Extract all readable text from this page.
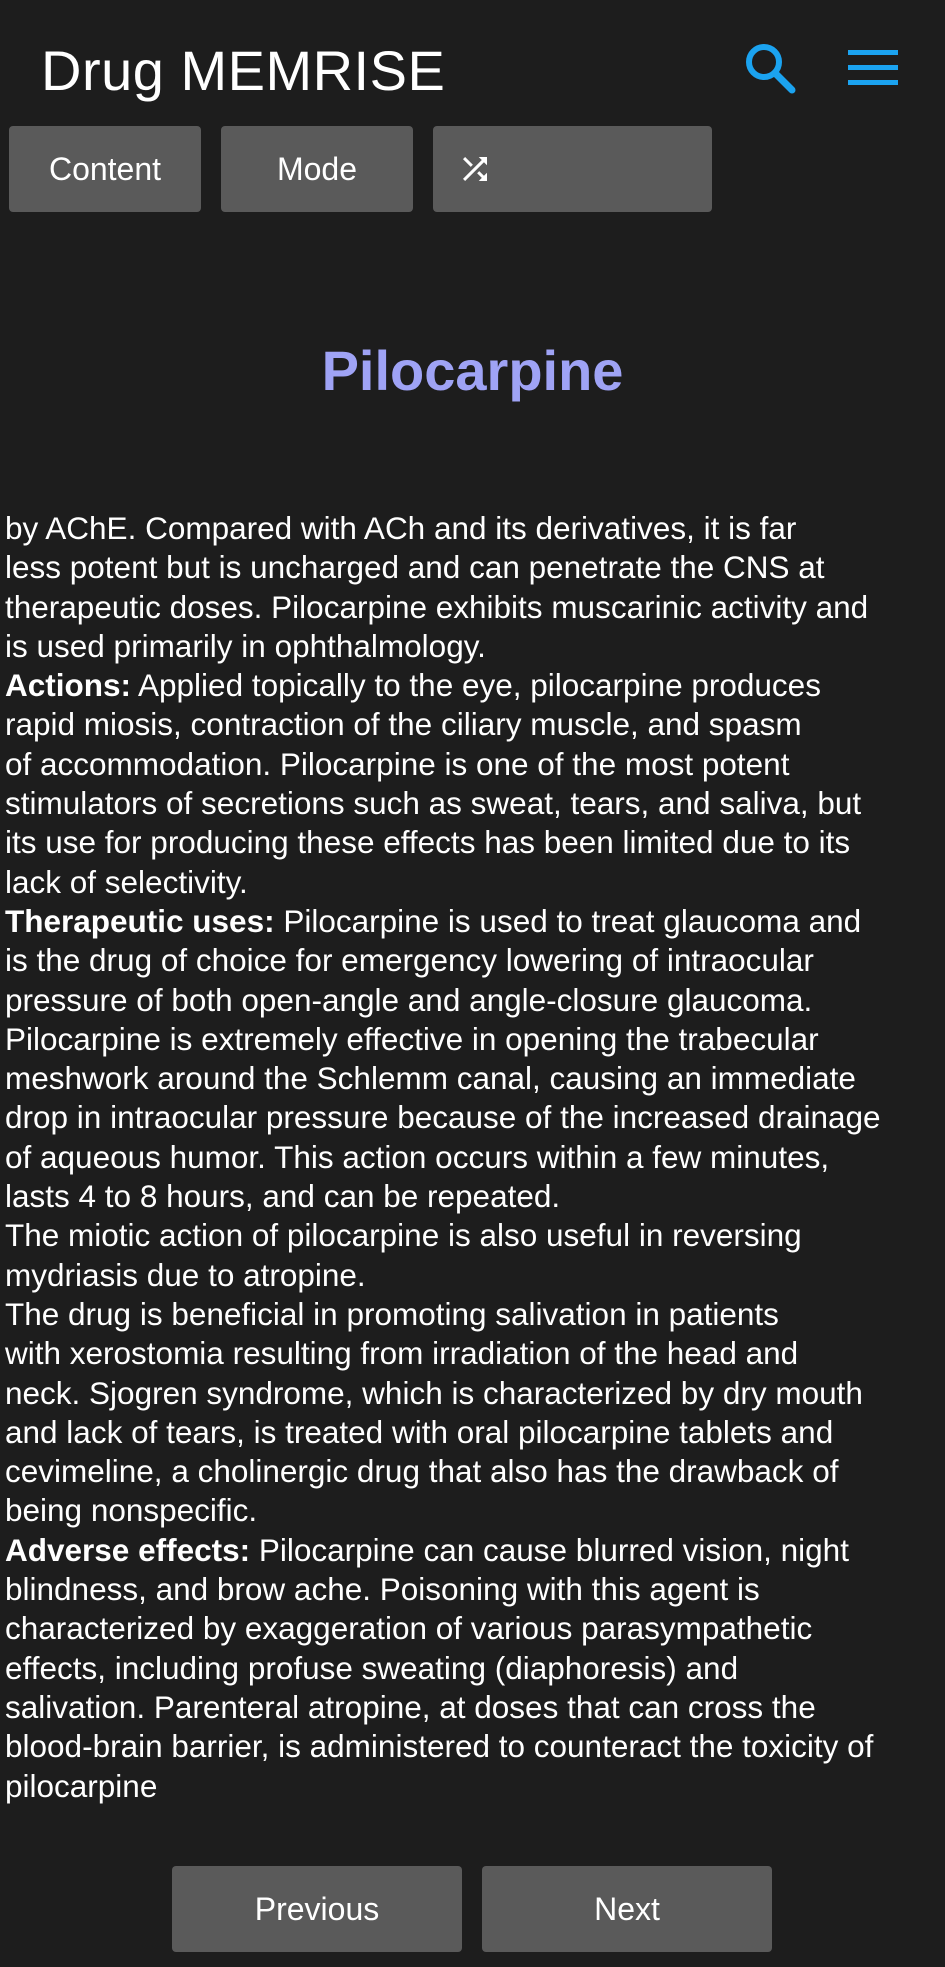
Drug MEMRISE
Content	Mode
Pilocarpine

by AChE. Compared with ACh and its derivatives, it is far

less potent but is uncharged and can penetrate the CNS at

therapeutic doses. Pilocarpine exhibits muscarinic activity and

is used primarily in ophthalmology.

Actions: Applied topically to the eye, pilocarpine produces

rapid miosis, contraction of the ciliary muscle, and spasm

of accommodation. Pilocarpine is one of the most potent

stimulators of secretions such as sweat, tears, and saliva, but

its use for producing these effects has been limited due to its

lack of selectivity.

Therapeutic uses: Pilocarpine is used to treat glaucoma and

is the drug of choice for emergency lowering of intraocular

pressure of both open-angle and angle-closure glaucoma.

Pilocarpine is extremely effective in opening the trabecular

meshwork around the Schlemm canal, causing an immediate

drop in intraocular pressure because of the increased drainage

of aqueous humor. This action occurs within a few minutes,

lasts 4 to 8 hours, and can be repeated.

The miotic action of pilocarpine is also useful in reversing

mydriasis due to atropine.

The drug is beneficial in promoting salivation in patients

with xerostomia resulting from irradiation of the head and

neck. Sjogren syndrome, which is characterized by dry mouth

and lack of tears, is treated with oral pilocarpine tablets and

cevimeline, a cholinergic drug that also has the drawback of

being nonspecific.

Adverse effects: Pilocarpine can cause blurred vision, night

blindness, and brow ache. Poisoning with this agent is

characterized by exaggeration of various parasympathetic

effects, including profuse sweating (diaphoresis) and

salivation. Parenteral atropine, at doses that can cross the

blood-brain barrier, is administered to counteract the toxicity of

pilocarpine

Previous	Next
